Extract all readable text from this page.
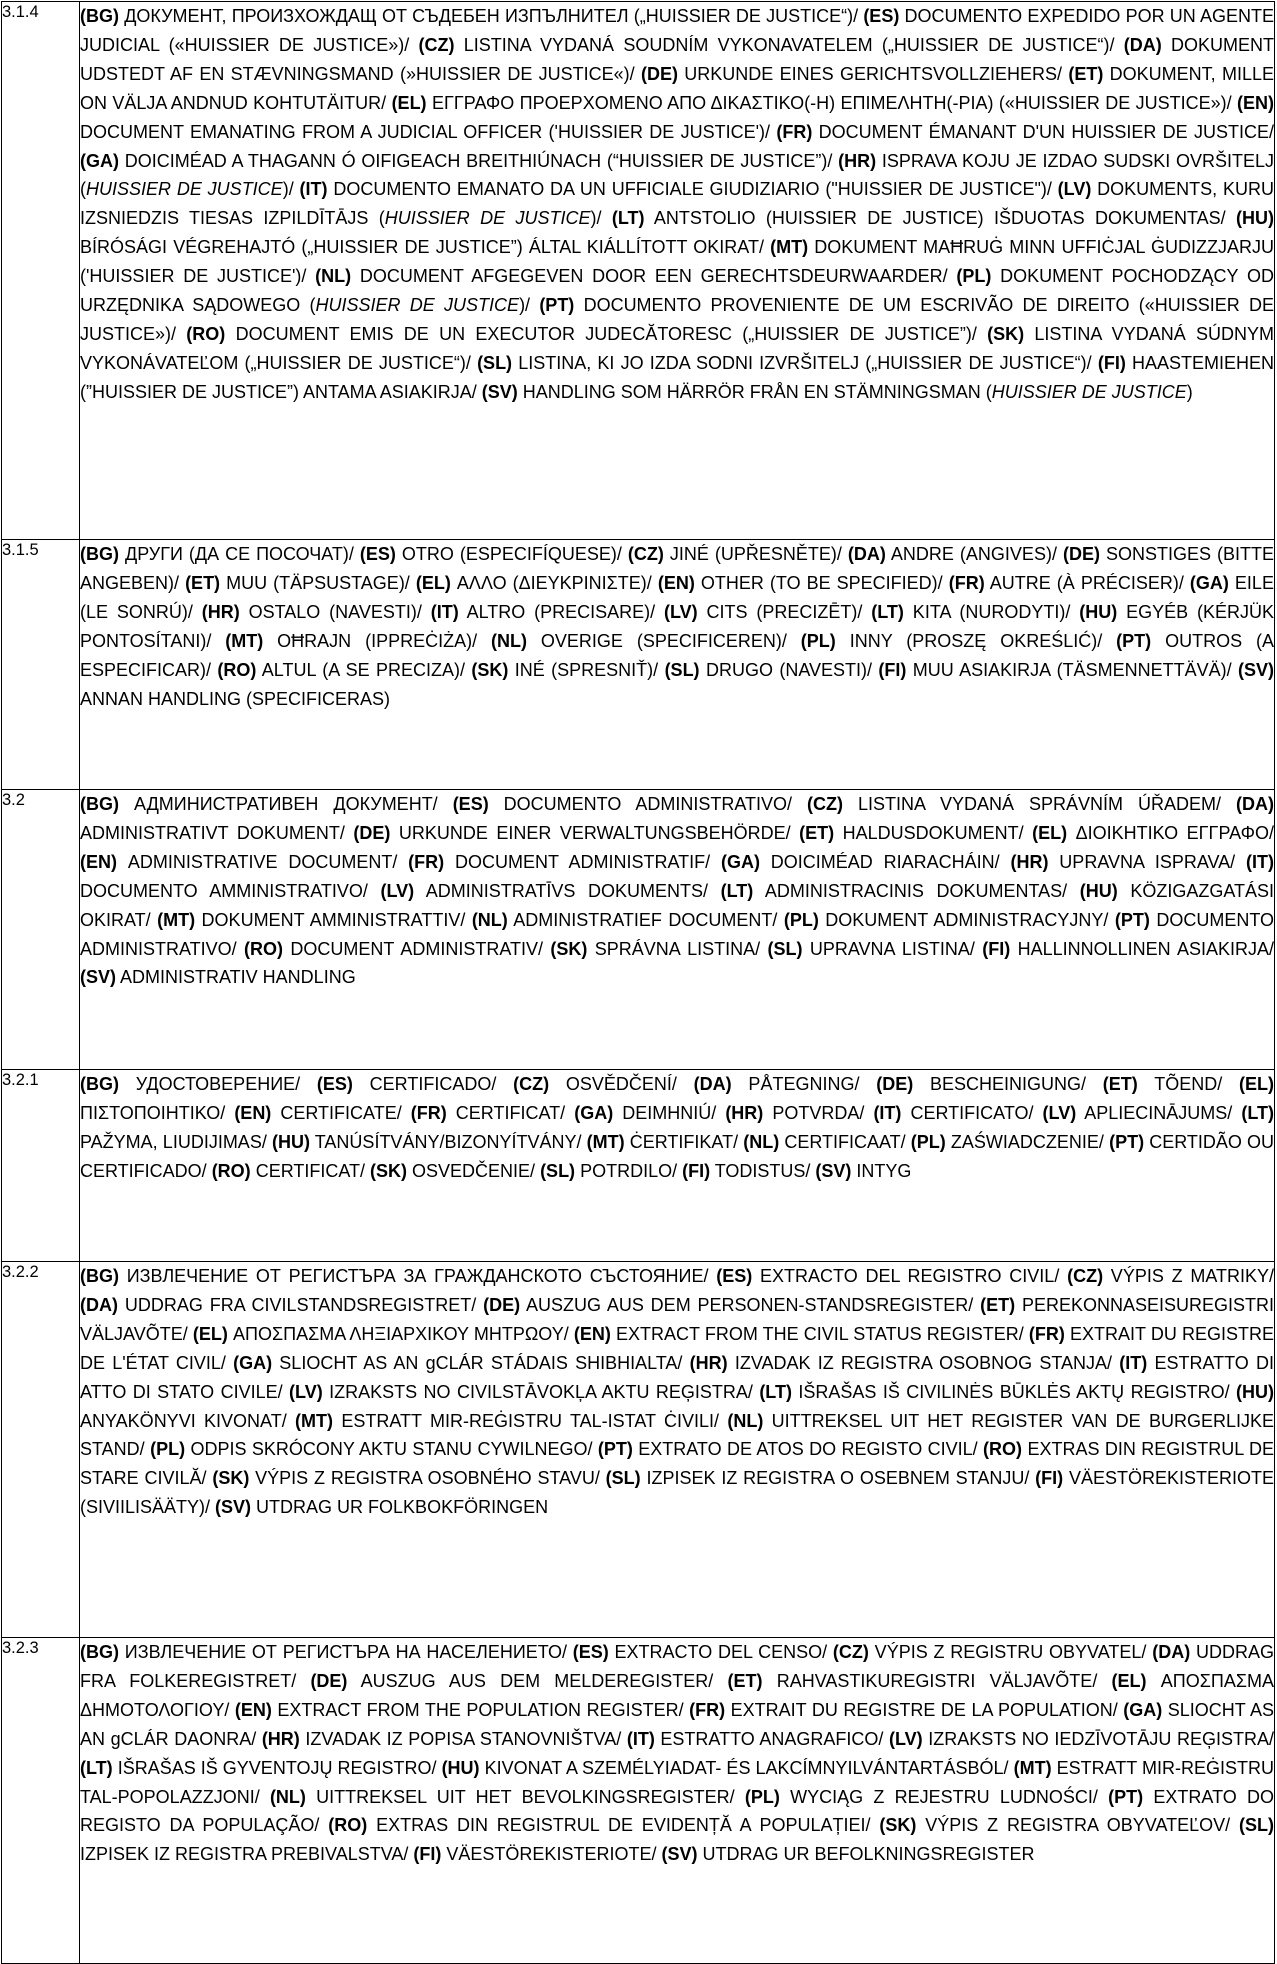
3.1.4	(BG) ДОКУМЕНТ, ПРОИЗХОЖДАЩ ОТ СЪДЕБЕН ИЗПЪЛНИТЕЛ („HUISSIER DE JUSTICE“)/ (ES) DOCUMENTO EXPEDIDO POR UN AGENTE JUDICIAL («HUISSIER DE JUSTICE»)/ (CZ) LISTINA VYDANÁ SOUDNÍM VYKONAVATELEM („HUISSIER DE JUSTICE“)/ (DA) DOKUMENT UDSTEDT AF EN STÆVNINGSMAND (»HUISSIER DE JUSTICE«)/ (DE) URKUNDE EINES GERICHTSVOLLZIEHERS/ (ET) DOKUMENT, MILLE ON VÄLJA ANDNUD KOHTUTÄITUR/ (EL) ΕΓΓΡΑΦΟ ΠΡΟΕΡΧΟΜΕΝΟ ΑΠΟ ΔΙΚΑΣΤΙΚΟ(-Η) ΕΠΙΜΕΛΗΤΗ(-ΡΙΑ) («HUISSIER DE JUSTICE»)/ (EN) DOCUMENT EMANATING FROM A JUDICIAL OFFICER ('HUISSIER DE JUSTICE')/ (FR) DOCUMENT ÉMANANT D'UN HUISSIER DE JUSTICE/ (GA) DOICIMÉAD A THAGANN Ó OIFIGEACH BREITHIÚNACH (“HUISSIER DE JUSTICE”)/ (HR) ISPRAVA KOJU JE IZDAO SUDSKI OVRŠITELJ (HUISSIER DE JUSTICE)/ (IT) DOCUMENTO EMANATO DA UN UFFICIALE GIUDIZIARIO ("HUISSIER DE JUSTICE")/ (LV) DOKUMENTS, KURU IZSNIEDZIS TIESAS IZPILDĪTĀJS (HUISSIER DE JUSTICE)/ (LT) ANTSTOLIO (HUISSIER DE JUSTICE) IŠDUOTAS DOKUMENTAS/ (HU) BÍRÓSÁGI VÉGREHAJTÓ („HUISSIER DE JUSTICE”) ÁLTAL KIÁLLÍTOTT OKIRAT/ (MT) DOKUMENT MAĦRUĠ MINN UFFIĊJAL ĠUDIZZJARJU ('HUISSIER DE JUSTICE')/ (NL) DOCUMENT AFGEGEVEN DOOR EEN GERECHTSDEURWAARDER/ (PL) DOKUMENT POCHODZĄCY OD URZĘDNIKA SĄDOWEGO (HUISSIER DE JUSTICE)/ (PT) DOCUMENTO PROVENIENTE DE UM ESCRIVÃO DE DIREITO («HUISSIER DE JUSTICE»)/ (RO) DOCUMENT EMIS DE UN EXECUTOR JUDECĂTORESC („HUISSIER DE JUSTICE”)/ (SK) LISTINA VYDANÁ SÚDNYM VYKONÁVATEĽOM („HUISSIER DE JUSTICE“)/ (SL) LISTINA, KI JO IZDA SODNI IZVRŠITELJ („HUISSIER DE JUSTICE“)/ (FI) HAASTEMIEHEN (”HUISSIER DE JUSTICE”) ANTAMA ASIAKIRJA/ (SV) HANDLING SOM HÄRRÖR FRÅN EN STÄMNINGSMAN (HUISSIER DE JUSTICE)
3.1.5	(BG) ДРУГИ (ДА СЕ ПОСОЧАТ)/ (ES) OTRO (ESPECIFÍQUESE)/ (CZ) JINÉ (UPŘESNĚTE)/ (DA) ANDRE (ANGIVES)/ (DE) SONSTIGES (BITTE ANGEBEN)/ (ET) MUU (TÄPSUSTAGE)/ (EL) ΑΛΛΟ (ΔΙΕΥΚΡΙΝΙΣΤΕ)/ (EN) OTHER (TO BE SPECIFIED)/ (FR) AUTRE (À PRÉCISER)/ (GA) EILE (LE SONRÚ)/ (HR) OSTALO (NAVESTI)/ (IT) ALTRO (PRECISARE)/ (LV) CITS (PRECIZĒT)/ (LT) KITA (NURODYTI)/ (HU) EGYÉB (KÉRJÜK PONTOSÍTANI)/ (MT) OĦRAJN (IPPREĊIŻA)/ (NL) OVERIGE (SPECIFICEREN)/ (PL) INNY (PROSZĘ OKREŚLIĆ)/ (PT) OUTROS (A ESPECIFICAR)/ (RO) ALTUL (A SE PRECIZA)/ (SK) INÉ (SPRESNIŤ)/ (SL) DRUGO (NAVESTI)/ (FI) MUU ASIAKIRJA (TÄSMENNETTÄVÄ)/ (SV) ANNAN HANDLING (SPECIFICERAS)
3.2	(BG) АДМИНИСТРАТИВЕН ДОКУМЕНТ/ (ES) DOCUMENTO ADMINISTRATIVO/ (CZ) LISTINA VYDANÁ SPRÁVNÍM ÚŘADEM/ (DA) ADMINISTRATIVT DOKUMENT/ (DE) URKUNDE EINER VERWALTUNGSBEHÖRDE/ (ET) HALDUSDOKUMENT/ (EL) ΔΙΟΙΚΗΤΙΚΟ ΕΓΓΡΑΦΟ/ (EN) ADMINISTRATIVE DOCUMENT/ (FR) DOCUMENT ADMINISTRATIF/ (GA) DOICIMÉAD RIARACHÁIN/ (HR) UPRAVNA ISPRAVA/ (IT) DOCUMENTO AMMINISTRATIVO/ (LV) ADMINISTRATĪVS DOKUMENTS/ (LT) ADMINISTRACINIS DOKUMENTAS/ (HU) KÖZIGAZGATÁSI OKIRAT/ (MT) DOKUMENT AMMINISTRATTIV/ (NL) ADMINISTRATIEF DOCUMENT/ (PL) DOKUMENT ADMINISTRACYJNY/ (PT) DOCUMENTO ADMINISTRATIVO/ (RO) DOCUMENT ADMINISTRATIV/ (SK) SPRÁVNA LISTINA/ (SL) UPRAVNA LISTINA/ (FI) HALLINNOLLINEN ASIAKIRJA/ (SV) ADMINISTRATIV HANDLING
3.2.1	(BG) УДОСТОВЕРЕНИЕ/ (ES) CERTIFICADO/ (CZ) OSVĚDČENÍ/ (DA) PÅTEGNING/ (DE) BESCHEINIGUNG/ (ET) TÕEND/ (EL) ΠΙΣΤΟΠΟΙΗΤΙΚΟ/ (EN) CERTIFICATE/ (FR) CERTIFICAT/ (GA) DEIMHNIÚ/ (HR) POTVRDA/ (IT) CERTIFICATO/ (LV) APLIECINĀJUMS/ (LT) PAŽYMA, LIUDIJIMAS/ (HU) TANÚSÍTVÁNY/BIZONYÍTVÁNY/ (MT) ĊERTIFIKAT/ (NL) CERTIFICAAT/ (PL) ZAŚWIADCZENIE/ (PT) CERTIDÃO OU CERTIFICADO/ (RO) CERTIFICAT/ (SK) OSVEDČENIE/ (SL) POTRDILO/ (FI) TODISTUS/ (SV) INTYG
3.2.2	(BG) ИЗВЛЕЧЕНИЕ ОТ РЕГИСТЪРА ЗА ГРАЖДАНСКОТО СЪСТОЯНИЕ/ (ES) EXTRACTO DEL REGISTRO CIVIL/ (CZ) VÝPIS Z MATRIKY/ (DA) UDDRAG FRA CIVILSTANDSREGISTRET/ (DE) AUSZUG AUS DEM PERSONEN-STANDSREGISTER/ (ET) PEREKONNASEISUREGISTRI VÄLJAVÕTE/ (EL) ΑΠΟΣΠΑΣΜΑ ΛΗΞΙΑΡΧΙΚΟΥ ΜΗΤΡΩΟΥ/ (EN) EXTRACT FROM THE CIVIL STATUS REGISTER/ (FR) EXTRAIT DU REGISTRE DE L'ÉTAT CIVIL/ (GA) SLIOCHT AS AN gCLÁR STÁDAIS SHIBHIALTA/ (HR) IZVADAK IZ REGISTRA OSOBNOG STANJA/ (IT) ESTRATTO DI ATTO DI STATO CIVILE/ (LV) IZRAKSTS NO CIVILSTĀVOKĻA AKTU REĢISTRA/ (LT) IŠRAŠAS IŠ CIVILINĖS BŪKLĖS AKTŲ REGISTRO/ (HU) ANYAKÖNYVI KIVONAT/ (MT) ESTRATT MIR-REĠISTRU TAL-ISTAT ĊIVILI/ (NL) UITTREKSEL UIT HET REGISTER VAN DE BURGERLIJKE STAND/ (PL) ODPIS SKRÓCONY AKTU STANU CYWILNEGO/ (PT) EXTRATO DE ATOS DO REGISTO CIVIL/ (RO) EXTRAS DIN REGISTRUL DE STARE CIVILĂ/ (SK) VÝPIS Z REGISTRA OSOBNÉHO STAVU/ (SL) IZPISEK IZ REGISTRA O OSEBNEM STANJU/ (FI) VÄESTÖREKISTERIOTE (SIVIILISÄÄTY)/ (SV) UTDRAG UR FOLKBOKFÖRINGEN
3.2.3	(BG) ИЗВЛЕЧЕНИЕ ОТ РЕГИСТЪРА НА НАСЕЛЕНИЕТО/ (ES) EXTRACTO DEL CENSO/ (CZ) VÝPIS Z REGISTRU OBYVATEL/ (DA) UDDRAG FRA FOLKEREGISTRET/ (DE) AUSZUG AUS DEM MELDEREGISTER/ (ET) RAHVASTIKUREGISTRI VÄLJAVÕTE/ (EL) ΑΠΟΣΠΑΣΜΑ ΔΗΜΟΤΟΛΟΓΙΟΥ/ (EN) EXTRACT FROM THE POPULATION REGISTER/ (FR) EXTRAIT DU REGISTRE DE LA POPULATION/ (GA) SLIOCHT AS AN gCLÁR DAONRA/ (HR) IZVADAK IZ POPISA STANOVNIŠTVA/ (IT) ESTRATTO ANAGRAFICO/ (LV) IZRAKSTS NO IEDZĪVOTĀJU REĢISTRA/ (LT) IŠRAŠAS IŠ GYVENTOJŲ REGISTRO/ (HU) KIVONAT A SZEMÉLYIADAT- ÉS LAKCÍMNYILVÁNTARTÁSBÓL/ (MT) ESTRATT MIR-REĠISTRU TAL-POPOLAZZJONI/ (NL) UITTREKSEL UIT HET BEVOLKINGSREGISTER/ (PL) WYCIĄG Z REJESTRU LUDNOŚCI/ (PT) EXTRATO DO REGISTO DA POPULAÇÃO/ (RO) EXTRAS DIN REGISTRUL DE EVIDENȚĂ A POPULAȚIEI/ (SK) VÝPIS Z REGISTRA OBYVATEĽOV/ (SL) IZPISEK IZ REGISTRA PREBIVALSTVA/ (FI) VÄESTÖREKISTERIOTE/ (SV) UTDRAG UR BEFOLKNINGSREGISTER
